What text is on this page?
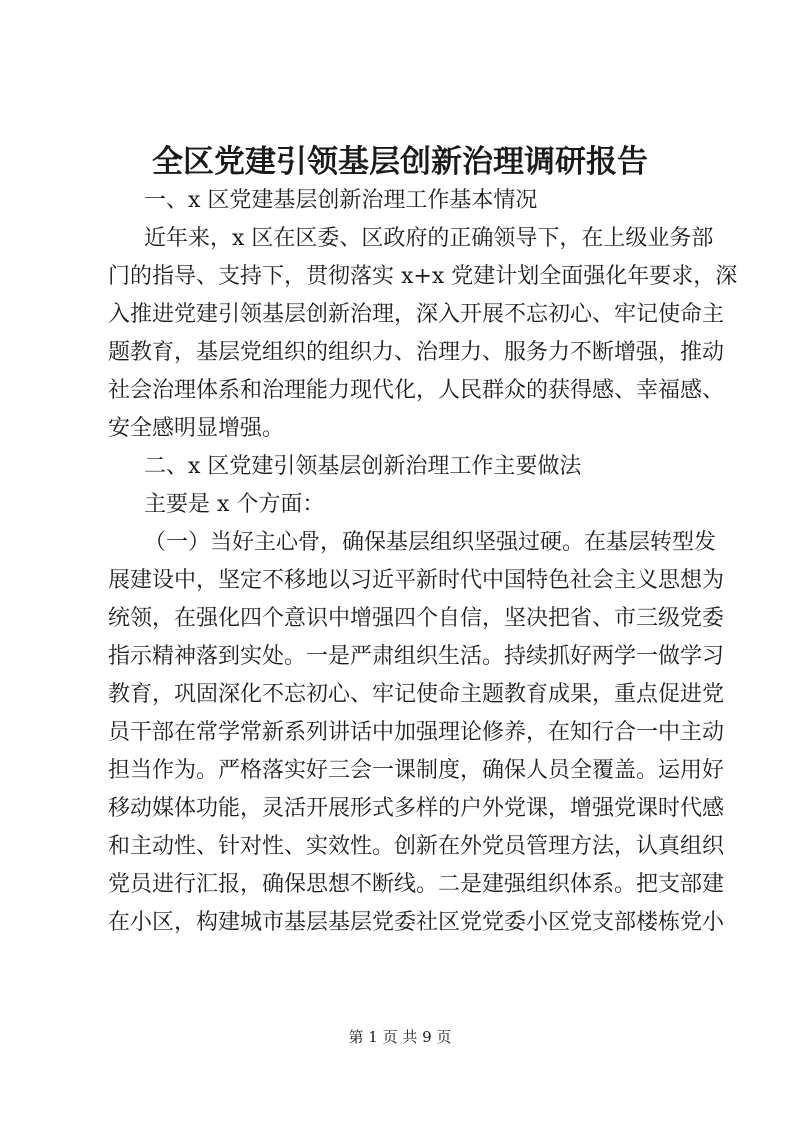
全区党建引领基层创新治理调研报告
一、x 区党建基层创新治理工作基本情况
近年来，x 区在区委、区政府的正确领导下，在上级业务部
门的指导、支持下，贯彻落实 x+x 党建计划全面强化年要求，深
入推进党建引领基层创新治理，深入开展不忘初心、牢记使命主
题教育，基层党组织的组织力、治理力、服务力不断增强，推动
社会治理体系和治理能力现代化，人民群众的获得感、幸福感、
安全感明显增强。
二、x 区党建引领基层创新治理工作主要做法
主要是 x 个方面：
（一）当好主心骨，确保基层组织坚强过硬。在基层转型发
展建设中，坚定不移地以习近平新时代中国特色社会主义思想为
统领，在强化四个意识中增强四个自信，坚决把省、市三级党委
指示精神落到实处。一是严肃组织生活。持续抓好两学一做学习
教育，巩固深化不忘初心、牢记使命主题教育成果，重点促进党
员干部在常学常新系列讲话中加强理论修养，在知行合一中主动
担当作为。严格落实好三会一课制度，确保人员全覆盖。运用好
移动媒体功能，灵活开展形式多样的户外党课，增强党课时代感
和主动性、针对性、实效性。创新在外党员管理方法，认真组织
党员进行汇报，确保思想不断线。二是建强组织体系。把支部建
在小区，构建城市基层基层党委社区党党委小区党支部楼栋党小
第 1 页 共 9 页
